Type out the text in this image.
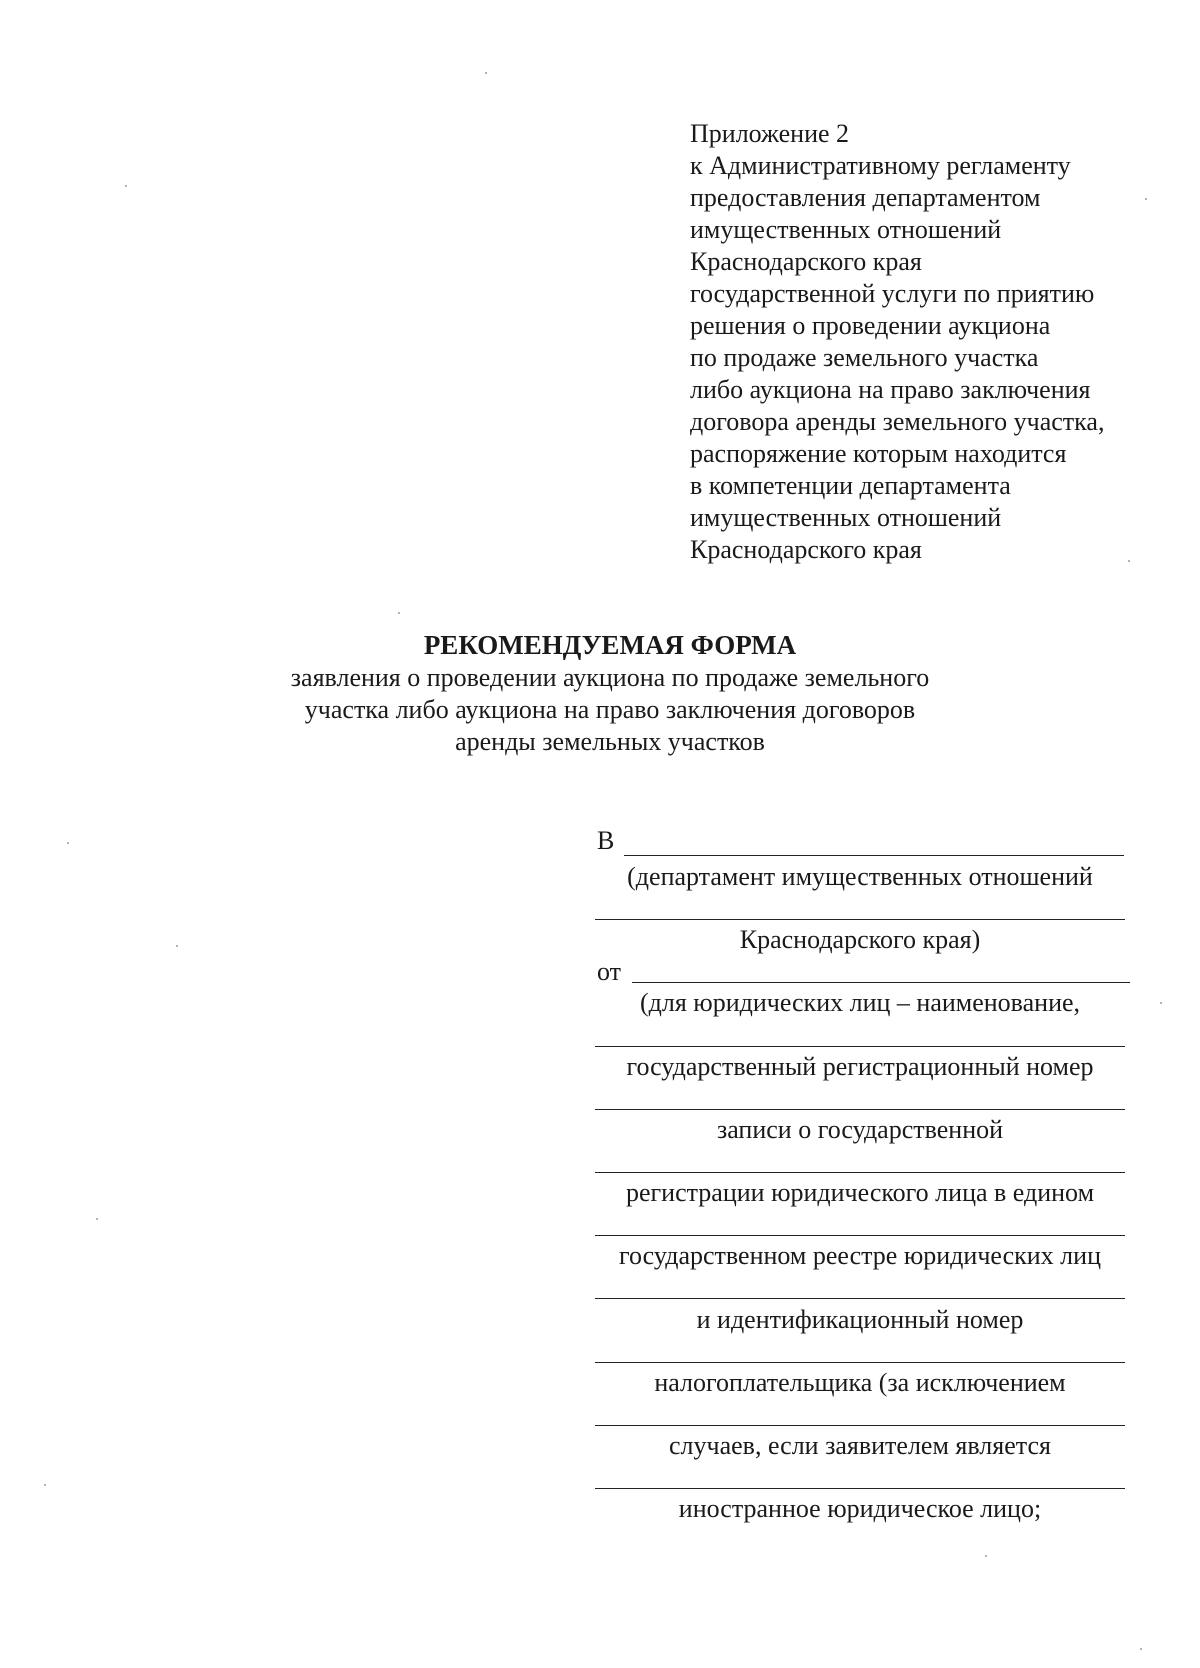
Приложение 2
к Административному регламенту
предоставления департаментом
имущественных отношений
Краснодарского края
государственной услуги по приятию
решения о проведении аукциона
по продаже земельного участка
либо аукциона на право заключения
договора аренды земельного участка,
распоряжение которым находится
в компетенции департамента
имущественных отношений
Краснодарского края
РЕКОМЕНДУЕМАЯ ФОРМА
заявления о проведении аукциона по продаже земельного
участка либо аукциона на право заключения договоров
аренды земельных участков
В
(департамент имущественных отношений
Краснодарского края)
от
(для юридических лиц – наименование,
государственный регистрационный номер
записи о государственной
регистрации юридического лица в едином
государственном реестре юридических лиц
и идентификационный номер
налогоплательщика (за исключением
случаев, если заявителем является
иностранное юридическое лицо;
